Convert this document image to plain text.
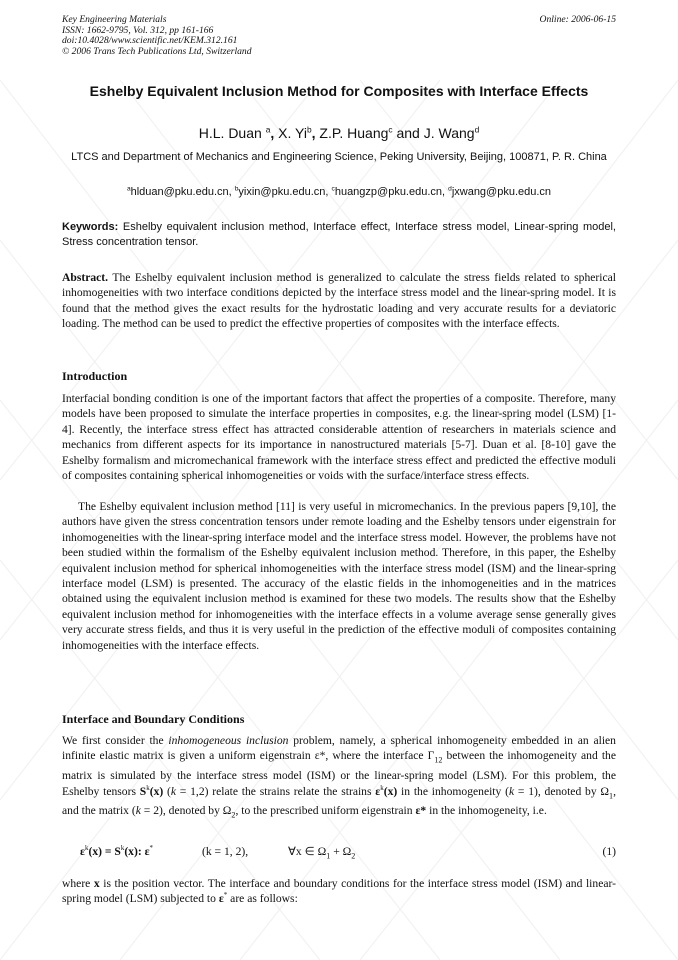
Key Engineering Materials
ISSN: 1662-9795, Vol. 312, pp 161-166
doi:10.4028/www.scientific.net/KEM.312.161
© 2006 Trans Tech Publications Ltd, Switzerland
Online: 2006-06-15
Eshelby Equivalent Inclusion Method for Composites with Interface Effects
H.L. Duan $^a$, X. Yi$^b$, Z.P. Huang$^c$ and J. Wang$^d$
LTCS and Department of Mechanics and Engineering Science, Peking University, Beijing, 100871, P. R. China
$^a$hlduan@pku.edu.cn, $^b$yixin@pku.edu.cn, $^c$huangzp@pku.edu.cn, $^d$jxwang@pku.edu.cn
Keywords: Eshelby equivalent inclusion method, Interface effect, Interface stress model, Linear-spring model, Stress concentration tensor.
Abstract. The Eshelby equivalent inclusion method is generalized to calculate the stress fields related to spherical inhomogeneities with two interface conditions depicted by the interface stress model and the linear-spring model. It is found that the method gives the exact results for the hydrostatic loading and very accurate results for a deviatoric loading. The method can be used to predict the effective properties of composites with the interface effects.
Introduction

Interfacial bonding condition is one of the important factors that affect the properties of a composite. Therefore, many models have been proposed to simulate the interface properties in composites, e.g. the linear-spring model (LSM) [1-4]. Recently, the interface stress effect has attracted considerable attention of researchers in materials science and mechanics from different aspects for its importance in nanostructured materials [5-7]. Duan et al. [8-10] gave the Eshelby formalism and micromechanical framework with the interface stress effect and predicted the effective moduli of composites containing spherical inhomogeneities or voids with the surface/interface stress effects.

The Eshelby equivalent inclusion method [11] is very useful in micromechanics. In the previous papers [9,10], the authors have given the stress concentration tensors under remote loading and the Eshelby tensors under eigenstrain for inhomogeneities with the linear-spring interface model and the interface stress model. However, the problems have not been studied within the formalism of the Eshelby equivalent inclusion method. Therefore, in this paper, the Eshelby equivalent inclusion method for spherical inhomogeneities with the interface stress model (ISM) and the linear-spring interface model (LSM) is presented. The accuracy of the elastic fields in the inhomogeneities and in the matrices obtained using the equivalent inclusion method is examined for these two models. The results show that the Eshelby equivalent inclusion method for inhomogeneities with the interface effects in a volume average sense generally gives very accurate stress fields, and thus it is very useful in the prediction of the effective moduli of composites containing inhomogeneities with the interface effects.

Interface and Boundary Conditions

We first consider the inhomogeneous inclusion problem, namely, a spherical inhomogeneity embedded in an alien infinite elastic matrix is given a uniform eigenstrain ε*, where the interface $\Gamma_{12}$ between the inhomogeneity and the matrix is simulated by the interface stress model (ISM) or the linear-spring model (LSM). For this problem, the Eshelby tensors $S^k(x) (k = 1,2)$ relate the strains relate the strains $\varepsilon^k(x)$ in the inhomogeneity (k = 1), denoted by $\Omega_1$, and the matrix (k = 2), denoted by $\Omega_2$, to the prescribed uniform eigenstrain ε* in the inhomogeneity, i.e.

$\varepsilon^k(x) = S^k(x)$: ε*	(k = 1, 2),	∀x ∈ $\Omega_1 + \Omega_2$	(1)

where x is the position vector. The interface and boundary conditions for the interface stress model (ISM) and linear-spring model (LSM) subjected to ε* are as follows:
